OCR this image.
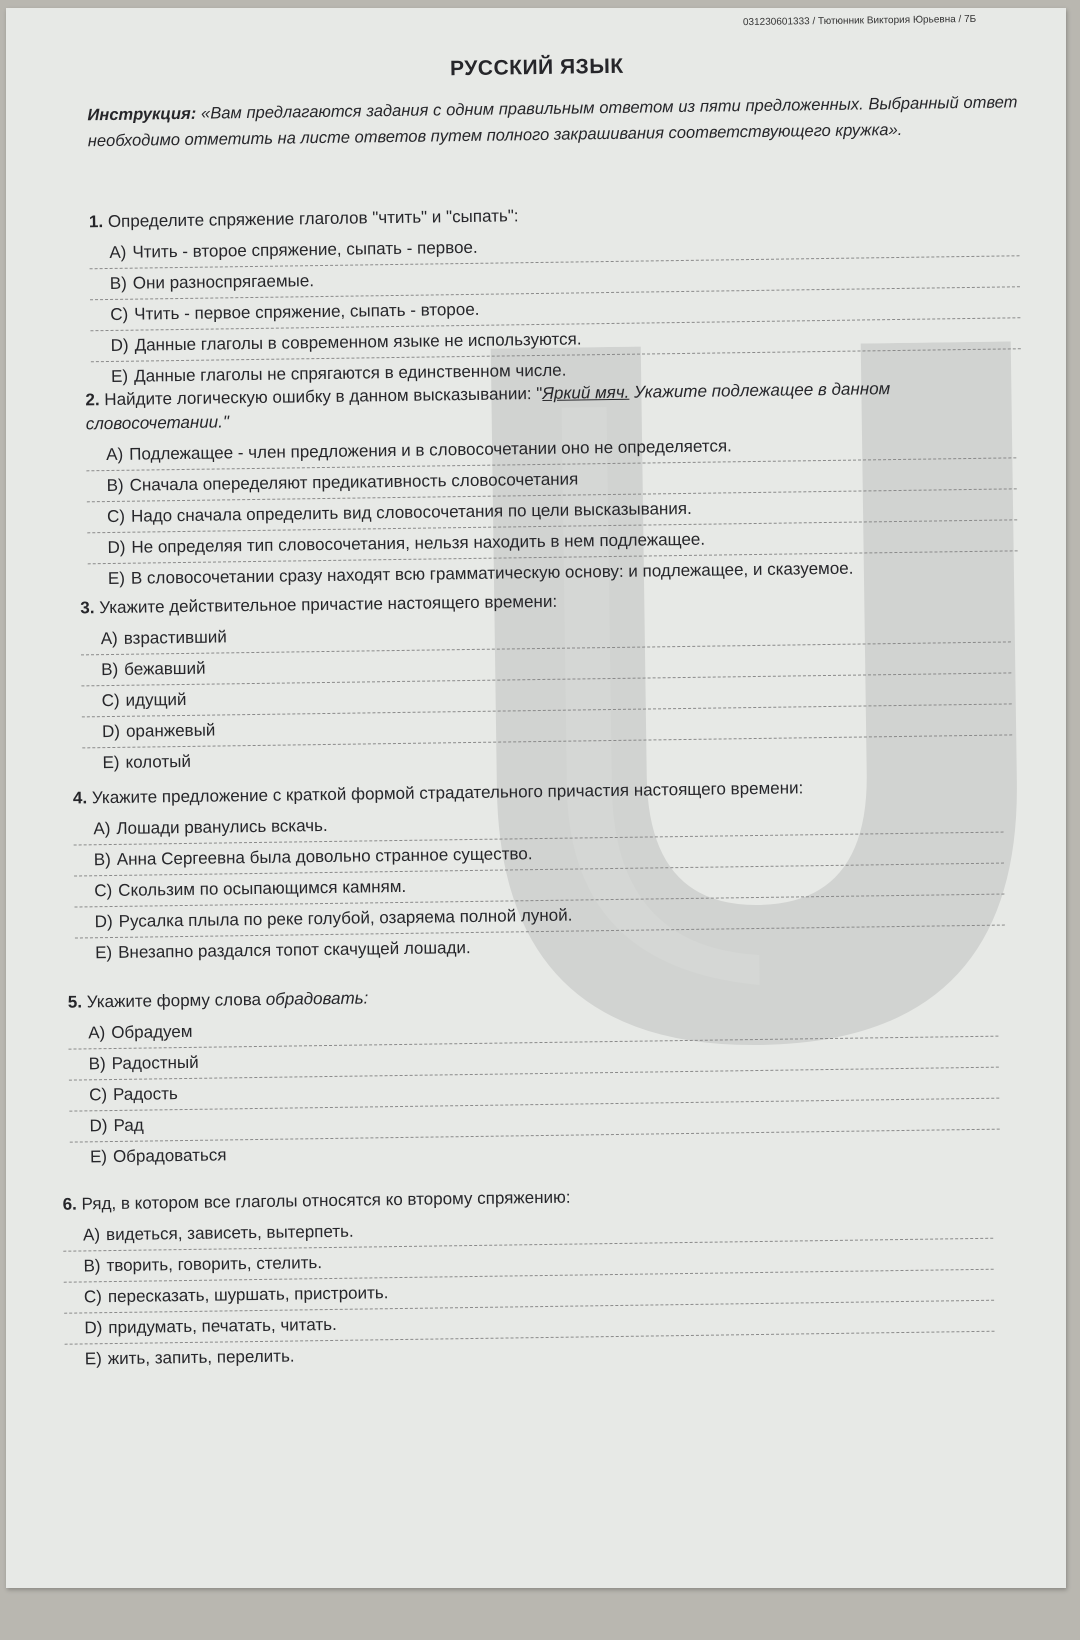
031230601333 / Тютюнник Виктория Юрьевна / 7Б
РУССКИЙ ЯЗЫК
Инструкция: «Вам предлагаются задания с одним правильным ответом из пяти предложенных. Выбранный ответ необходимо отметить на листе ответов путем полного закрашивания соответствующего кружка».
1. Определите спряжение глаголов "чтить" и "сыпать":
A) Чтить - второе спряжение, сыпать - первое.
B) Они разноспрягаемые.
C) Чтить - первое спряжение, сыпать - второе.
D) Данные глаголы в современном языке не используются.
E) Данные глаголы не спрягаются в единственном числе.
2. Найдите логическую ошибку в данном высказывании: "Яркий мяч. Укажите подлежащее в данном словосочетании."
A) Подлежащее - член предложения и в словосочетании оно не определяется.
B) Сначала опеределяют предикативность словосочетания
C) Надо сначала определить вид словосочетания по цели высказывания.
D) Не определяя тип словосочетания, нельзя находить в нем подлежащее.
E) В словосочетании сразу находят всю грамматическую основу: и подлежащее, и сказуемое.
3. Укажите действительное причастие настоящего времени:
A) взрастивший
B) бежавший
C) идущий
D) оранжевый
E) колотый
4. Укажите предложение с краткой формой страдательного причастия настоящего времени:
A) Лошади рванулись вскачь.
B) Анна Сергеевна была довольно странное существо.
C) Скользим по осыпающимся камням.
D) Русалка плыла по реке голубой, озаряема полной луной.
E) Внезапно раздался топот скачущей лошади.
5. Укажите форму слова обрадовать:
A) Обрадуем
B) Радостный
C) Радость
D) Рад
E) Обрадоваться
6. Ряд, в котором все глаголы относятся ко второму спряжению:
A) видеться, зависеть, вытерпеть.
B) творить, говорить, стелить.
C) пересказать, шуршать, пристроить.
D) придумать, печатать, читать.
E) жить, запить, перелить.
